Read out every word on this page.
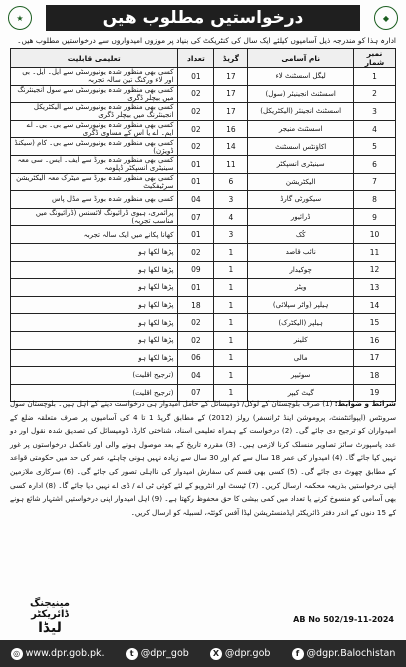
★	درخواستیں مطلوب ھیں	◆
ادارہ ہذا کو مندرجہ ذیل آسامیوں کیلئے ایک سال کی کنٹریکٹ کی بنیاد پر موزوں امیدواروں سے درخواستیں مطلوب ھیں۔
تعلیمی قابلیت	تعداد	گریڈ	نام آسامی	نمبر شمار
کسی بھی منظور شدہ یونیورسٹی سے ایل۔ ایل۔ بی اور لاء ورکنگ تین سالہ تجربہ	01	17	لیگل اسسٹنٹ لاء	1
کسی بھی منظور شدہ یونیورسٹی سے سول انجینئرنگ میں بیچلر ڈگری	02	17	اسسٹنٹ انجینیئر (سول)	2
کسی بھی منظور شدہ یونیورسٹی سے الیکٹریکل انجینئرنگ میں بیچلر ڈگری	02	17	اسسٹنٹ انجینئر (الیکٹریکل)	3
کسی بھی منظور شدہ یونیورسٹی سے بی۔ بی۔ اے ایم۔ اے یا اس کے مساوی ڈگری	02	16	اسسٹنٹ منیجر	4
کسی بھی منظور شدہ یونیورسٹی سے بی۔ کام (سیکنڈ ڈویژن)	02	14	اکاؤنٹس اسسٹنٹ	5
کسی بھی منظور شدہ بورڈ سے ایف۔ ایس۔ سی معہ سینیٹری انسپکٹر ڈپلومہ	01	11	سینیٹری انسپکٹر	6
کسی بھی منظور شدہ بورڈ سے میٹرک معہ الیکٹریشن سرٹیفکیٹ	01	6	الیکٹریشن	7
کسی بھی منظور شدہ بورڈ سے مڈل پاس	04	3	سیکورٹی گارڈ	8
پرائمری، ہیوی ڈرائیونگ لائسنس (ڈرائیونگ میں مناسب تجربہ)	07	4	ڈرائیور	9
کھانا پکانے میں ایک سالہ تجربہ	01	3	کُک	10
پڑھا لکھا ہو	02	1	نائب قاصد	11
پڑھا لکھا ہو	09	1	چوکیدار	12
پڑھا لکھا ہو	01	1	ویٹر	13
پڑھا لکھا ہو	18	1	ہیلپر (واٹر سپلائی)	14
پڑھا لکھا ہو	02	1	ہیلپر (الیکٹرک)	15
پڑھا لکھا ہو	02	1	کلینر	16
پڑھا لکھا ہو	06	1	مالی	17
(ترجیح اقلیت)	04	1	سوئیپر	18
(ترجیح اقلیت)	07	1	گیٹ کیپر	19
شرائط و ضوابط: (1) صرف بلوچستان کے لوکل/ ڈومیسائل کے حامل امیدوار ہی درخواست دینے کے اہل ہیں۔ بلوچستان سول سرونٹس (ایپوائنٹمنٹ، پروموشن اینڈ ٹرانسفر) رولز (2012) کے مطابق گریڈ 1 تا 4 کی آسامیوں پر صرف متعلقہ ضلع کے امیدواران کو ترجیح دی جائے گی۔ (2) درخواست کے ہمراہ تعلیمی اسناد، شناختی کارڈ، ڈومیسائل کی تصدیق شدہ نقول اور دو عدد پاسپورٹ سائز تصاویر منسلک کرنا لازمی ہیں۔ (3) مقررہ تاریخ کے بعد موصول ہونے والی اور نامکمل درخواستوں پر غور نہیں کیا جائے گا۔ (4) امیدوار کی عمر 18 سال سے کم اور 30 سال سے زیادہ نہیں ہونی چاہئے، عمر کی حد میں حکومتی قواعد کے مطابق چھوٹ دی جائے گی۔ (5) کسی بھی قسم کی سفارش امیدوار کی نااہلی تصور کی جائے گی۔ (6) سرکاری ملازمین اپنی درخواستیں بذریعہ محکمہ ارسال کریں۔ (7) ٹیسٹ اور انٹرویو کے لئے کوئی ٹی اے / ڈی اے نہیں دیا جائے گا۔ (8) ادارہ کسی بھی آسامی کو منسوخ کرنے یا تعداد میں کمی بیشی کا حق محفوظ رکھتا ہے۔ (9) اہل امیدوار اپنی درخواستیں اشتہار شائع ہونے کے 15 دنوں کے اندر دفتر ڈائریکٹر ایڈمنسٹریشن لیڈا آفس کوئٹہ، لسبیلہ کو ارسال کریں۔
مینیجنگ ڈائریکٹر
لیڈا
AB No 502/19-11-2024
◎ www.dpr.gob.pk.	t @dpr_gob	X @dpr.gob	f @dgpr.Balochistan
